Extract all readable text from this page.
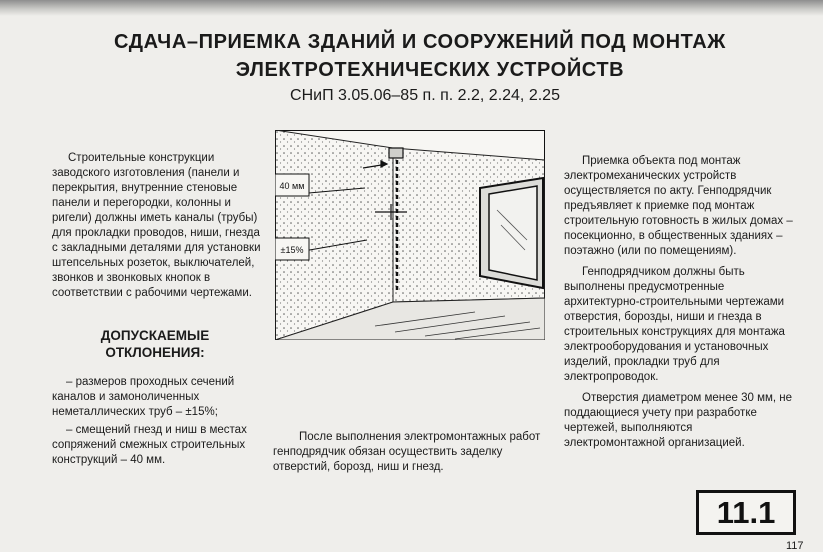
СДАЧА–ПРИЕМКА ЗДАНИЙ И СООРУЖЕНИЙ ПОД МОНТАЖ
ЭЛЕКТРОТЕХНИЧЕСКИХ УСТРОЙСТВ
СНиП 3.05.06–85 п. п. 2.2, 2.24, 2.25

Строительные конструкции заводского изготовления (панели и перекрытия, внутренние стеновые панели и перегородки, колонны и ригели) должны иметь каналы (трубы) для прокладки проводов, ниши, гнезда с закладными деталями для установки штепсельных розеток, выключателей, звонков и звонковых кнопок в соответствии с рабочими чертежами.

ДОПУСКАЕМЫЕ
ОТКЛОНЕНИЯ:

– размеров проходных сечений каналов и замоноличенных неметаллических труб – ±15%;

– смещений гнезд и ниш в местах сопряжений смежных строительных конструкций – 40 мм.

40 мм
±15%

После выполнения электромонтажных работ генподрядчик обязан осуществить заделку отверстий, борозд, ниш и гнезд.

Приемка объекта под монтаж электромеханических устройств осуществляется по акту. Генподрядчик предъявляет к приемке под монтаж строительную готовность в жилых домах – посекционно, в общественных зданиях – поэтажно (или по помещениям).

Генподрядчиком должны быть выполнены предусмотренные архитектурно-строительными чертежами отверстия, борозды, ниши и гнезда в строительных конструкциях для монтажа электрооборудования и установочных изделий, прокладки труб для электропроводок.

Отверстия диаметром менее 30 мм, не поддающиеся учету при разработке чертежей, выполняются электромонтажной организацией.

11.1
117
